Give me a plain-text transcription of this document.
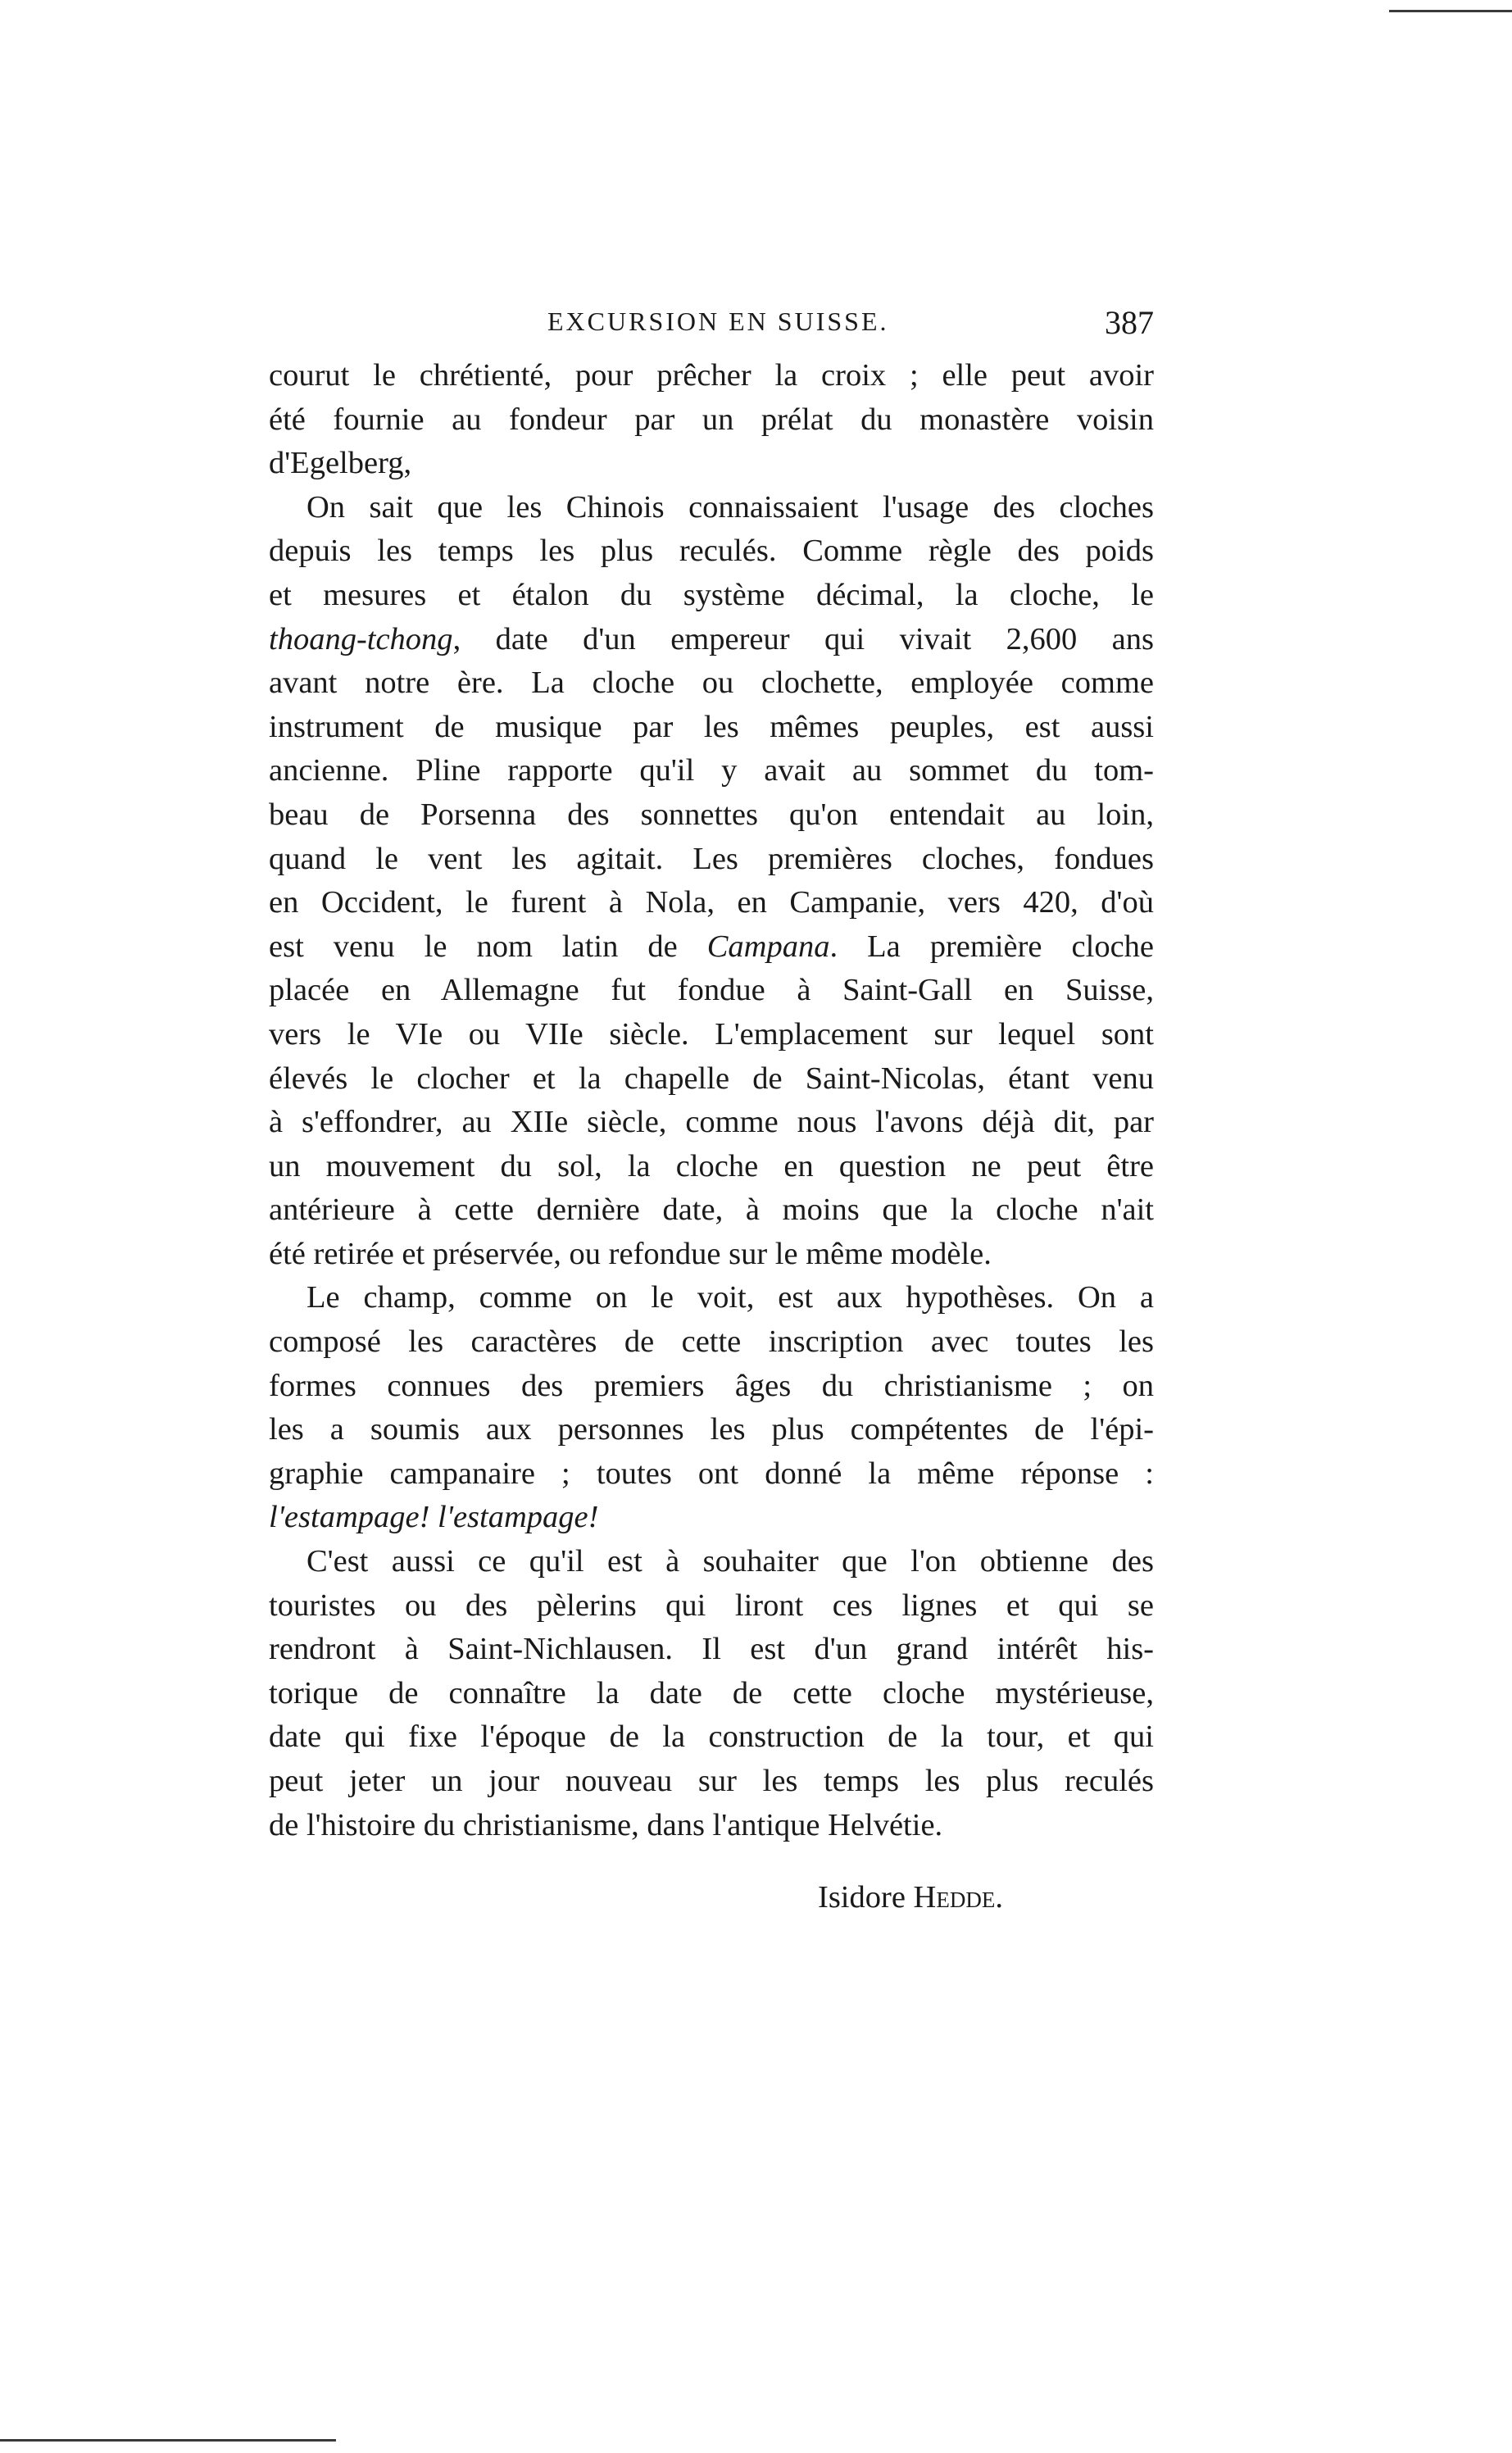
EXCURSION EN SUISSE.	387
courut le chrétienté, pour prêcher la croix ; elle peut avoir
été fournie au fondeur par un prélat du monastère voisin
d'Egelberg,
On sait que les Chinois connaissaient l'usage des cloches
depuis les temps les plus reculés. Comme règle des poids
et mesures et étalon du système décimal, la cloche, le
thoang-tchong, date d'un empereur qui vivait 2,600 ans
avant notre ère. La cloche ou clochette, employée comme
instrument de musique par les mêmes peuples, est aussi
ancienne. Pline rapporte qu'il y avait au sommet du tom-
beau de Porsenna des sonnettes qu'on entendait au loin,
quand le vent les agitait. Les premières cloches, fondues
en Occident, le furent à Nola, en Campanie, vers 420, d'où
est venu le nom latin de Campana. La première cloche
placée en Allemagne fut fondue à Saint-Gall en Suisse,
vers le VIe ou VIIe siècle. L'emplacement sur lequel sont
élevés le clocher et la chapelle de Saint-Nicolas, étant venu
à s'effondrer, au XIIe siècle, comme nous l'avons déjà dit, par
un mouvement du sol, la cloche en question ne peut être
antérieure à cette dernière date, à moins que la cloche n'ait
été retirée et préservée, ou refondue sur le même modèle.
Le champ, comme on le voit, est aux hypothèses. On a
composé les caractères de cette inscription avec toutes les
formes connues des premiers âges du christianisme ; on
les a soumis aux personnes les plus compétentes de l'épi-
graphie campanaire ; toutes ont donné la même réponse :
l'estampage! l'estampage!
C'est aussi ce qu'il est à souhaiter que l'on obtienne des
touristes ou des pèlerins qui liront ces lignes et qui se
rendront à Saint-Nichlausen. Il est d'un grand intérêt his-
torique de connaître la date de cette cloche mystérieuse,
date qui fixe l'époque de la construction de la tour, et qui
peut jeter un jour nouveau sur les temps les plus reculés
de l'histoire du christianisme, dans l'antique Helvétie.
Isidore Hedde.
